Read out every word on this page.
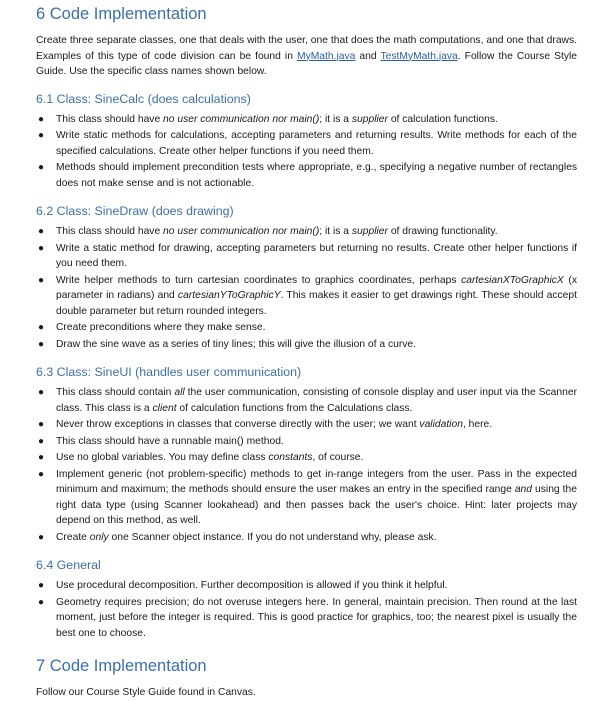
6 Code Implementation

Create three separate classes, one that deals with the user, one that does the math computations, and one that draws. Examples of this type of code division can be found in MyMath.java and TestMyMath.java. Follow the Course Style Guide. Use the specific class names shown below.

6.1 Class: SineCalc (does calculations)
● This class should have no user communication nor main(); it is a supplier of calculation functions.
● Write static methods for calculations, accepting parameters and returning results. Write methods for each of the specified calculations. Create other helper functions if you need them.
● Methods should implement precondition tests where appropriate, e.g., specifying a negative number of rectangles does not make sense and is not actionable.
6.2 Class: SineDraw (does drawing)
● This class should have no user communication nor main(); it is a supplier of drawing functionality.
● Write a static method for drawing, accepting parameters but returning no results. Create other helper functions if you need them.
● Write helper methods to turn cartesian coordinates to graphics coordinates, perhaps cartesianXToGraphicX (x parameter in radians) and cartesianYToGraphicY. This makes it easier to get drawings right. These should accept double parameter but return rounded integers.
● Create preconditions where they make sense.
● Draw the sine wave as a series of tiny lines; this will give the illusion of a curve.
6.3 Class: SineUI (handles user communication)
● This class should contain all the user communication, consisting of console display and user input via the Scanner class. This class is a client of calculation functions from the Calculations class.
● Never throw exceptions in classes that converse directly with the user; we want validation, here.
● This class should have a runnable main() method.
● Use no global variables. You may define class constants, of course.
● Implement generic (not problem-specific) methods to get in-range integers from the user. Pass in the expected minimum and maximum; the methods should ensure the user makes an entry in the specified range and using the right data type (using Scanner lookahead) and then passes back the user's choice. Hint: later projects may depend on this method, as well.
● Create only one Scanner object instance. If you do not understand why, please ask.
6.4 General
● Use procedural decomposition. Further decomposition is allowed if you think it helpful.
● Geometry requires precision; do not overuse integers here. In general, maintain precision. Then round at the last moment, just before the integer is required. This is good practice for graphics, too; the nearest pixel is usually the best one to choose.
7 Code Implementation

Follow our Course Style Guide found in Canvas.
